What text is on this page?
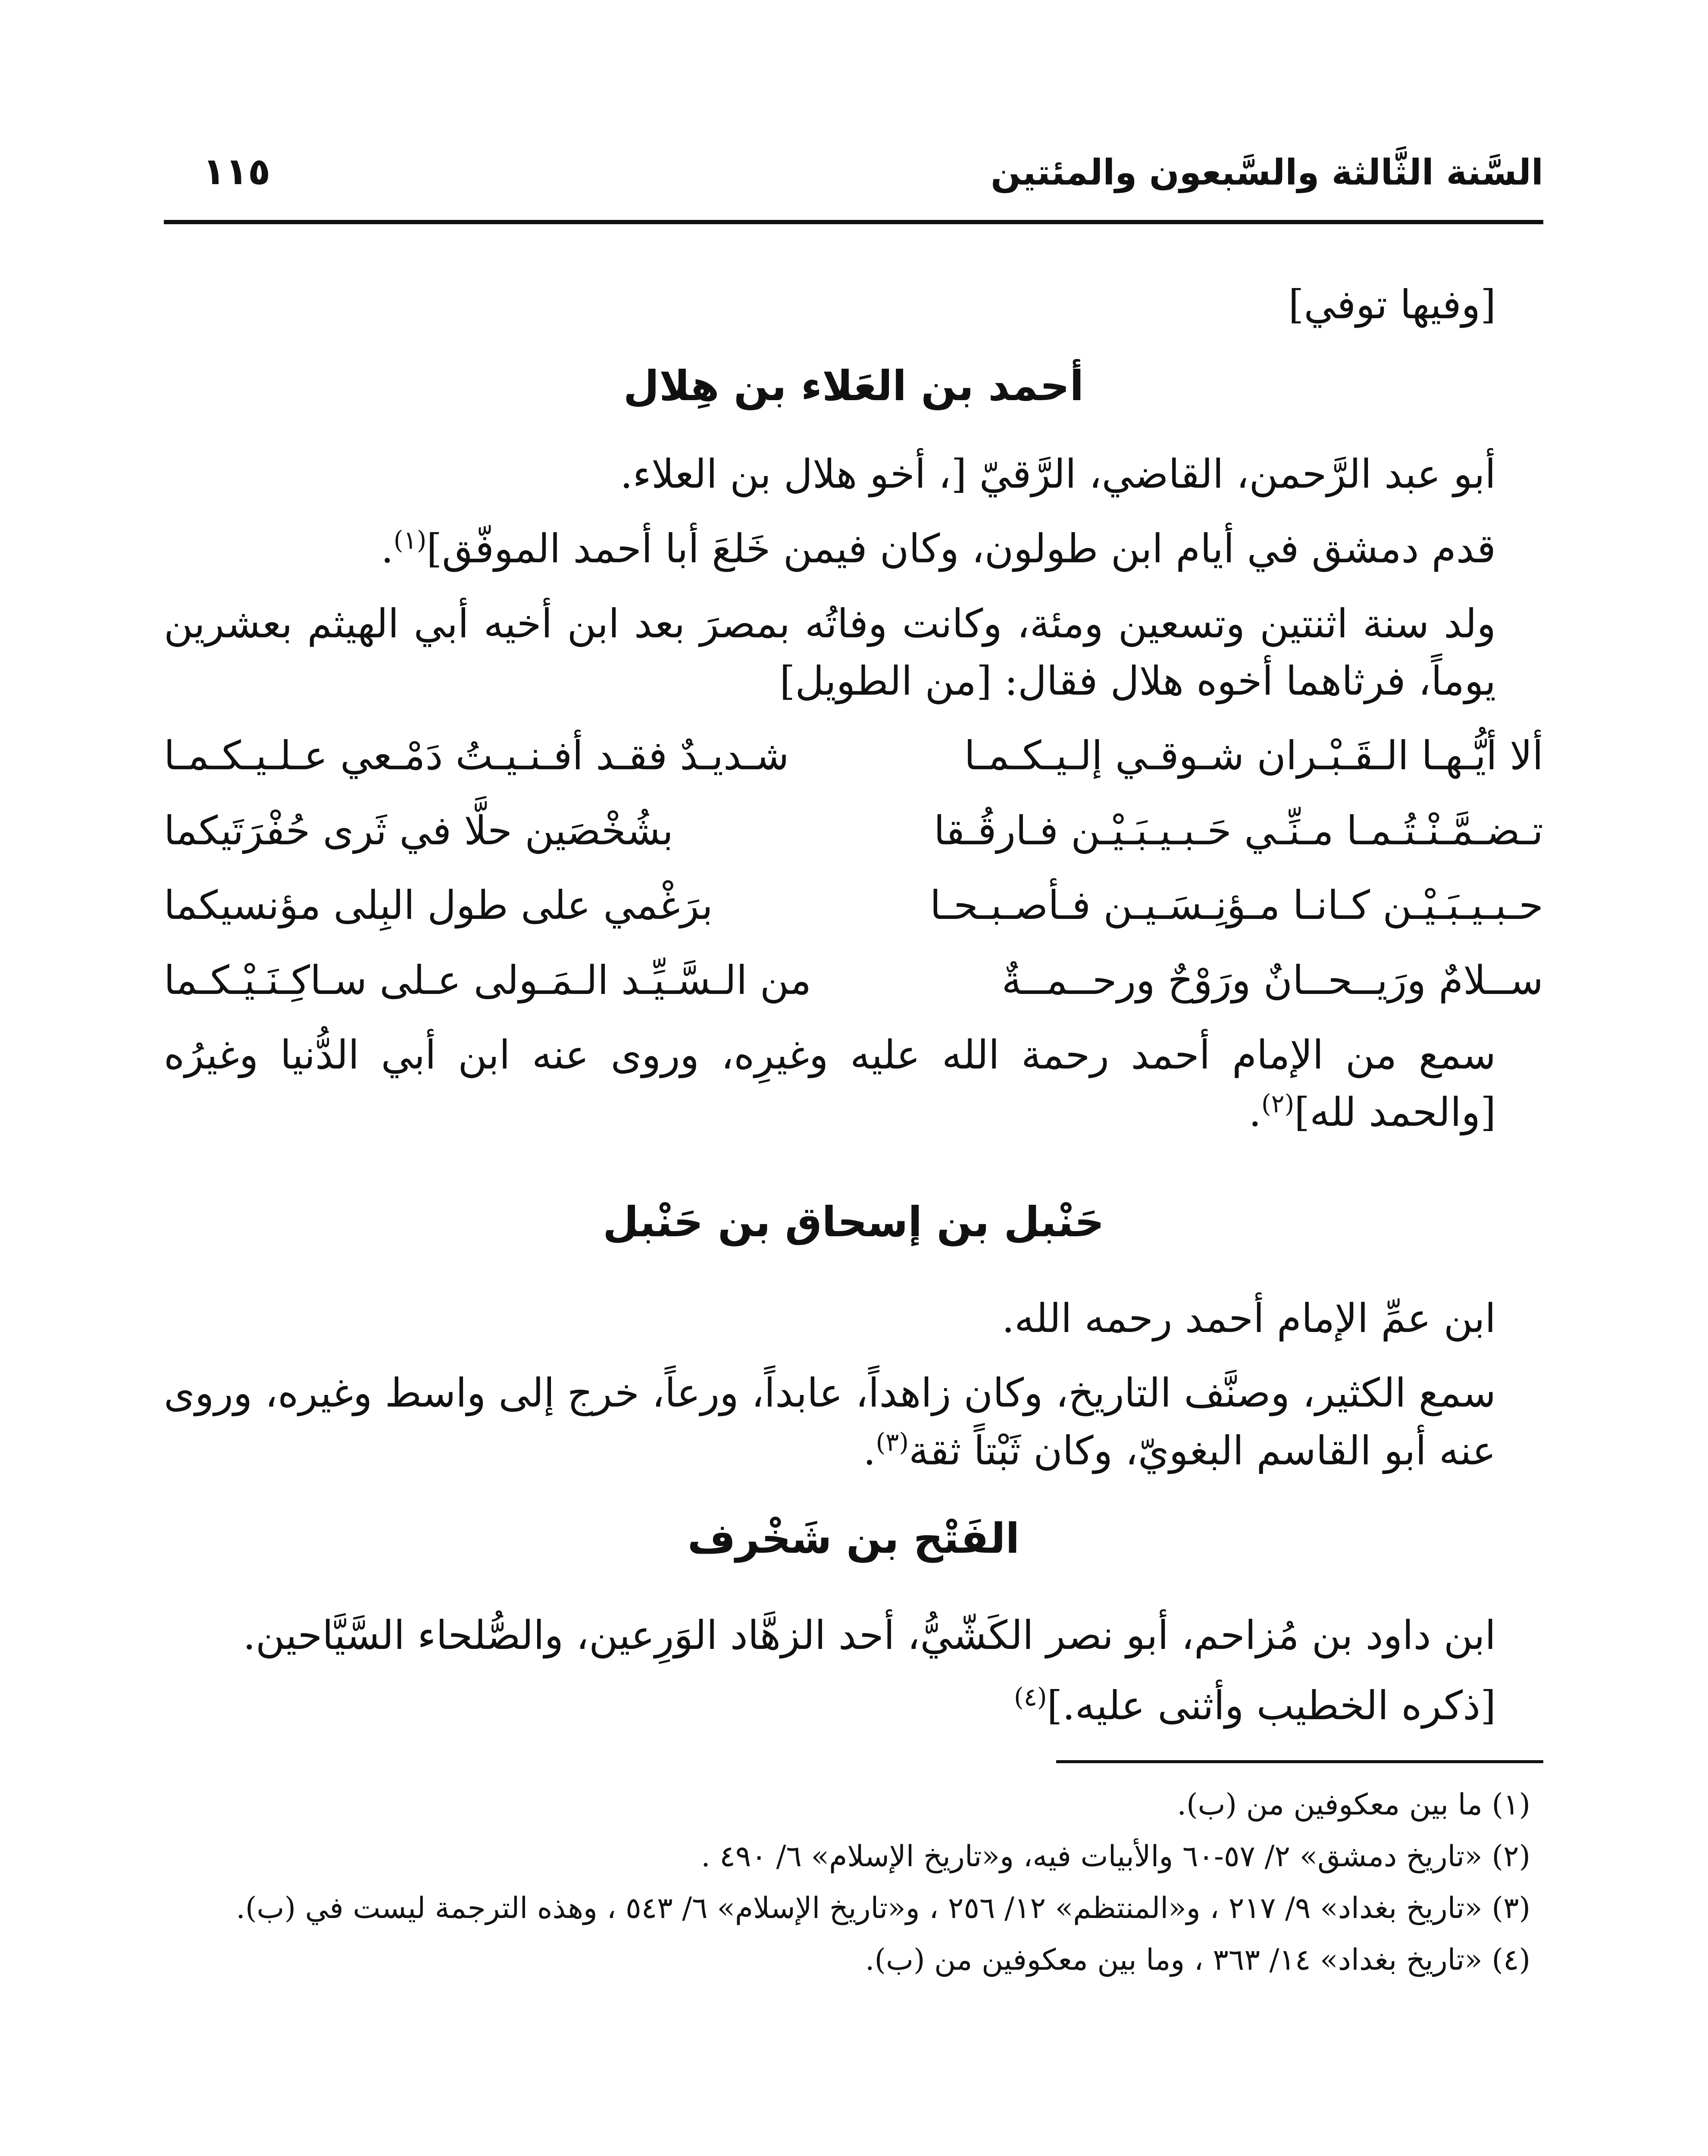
السَّنة الثَّالثة والسَّبعون والمئتين
١١٥

[وفيها توفي]

أحمد بن العَلاء بن هِلال

أبو عبد الرَّحمن، القاضي، الرَّقيّ [، أخو هلال بن العلاء.

قدم دمشق في أيام ابن طولون، وكان فيمن خَلعَ أبا أحمد الموفّق]$^{(١)}$.

ولد سنة اثنتين وتسعين ومئة، وكانت وفاتُه بمصرَ بعد ابن أخيه أبي الهيثم بعشرين يوماً، فرثاهما أخوه هلال فقال: [من الطويل]

ألا أيُّـهـا الـقَـبْـران شـوقـي إلـيـكـمـا
شـديـدٌ فقـد أفـنـيـتُ دَمْـعي عـلـيـكـمـا
تـضـمَّـنْـتُـمـا مـنِّـي حَـبـيـبَـيْـن فـارقُـقا
بشُخْصَين حلَّا في ثَرى حُفْرَتَيكما
حـبـيـبَـيْـن كـانـا مـؤنِـسَـيـن فـأصـبـحـا
برَغْمي على طول البِلى مؤنسيكما
ســلامٌ ورَيــحــانٌ ورَوْحٌ ورحــمــةٌ
من الـسَّـيِّـد الـمَـولى عـلى سـاكِـنَـيْـكـما

سمع من الإمام أحمد رحمة الله عليه وغيرِه، وروى عنه ابن أبي الدُّنيا وغيرُه [والحمد لله]$^{(٢)}$.

حَنْبل بن إسحاق بن حَنْبل

ابن عمِّ الإمام أحمد رحمه الله.

سمع الكثير، وصنَّف التاريخ، وكان زاهداً، عابداً، ورعاً، خرج إلى واسط وغيره، وروى عنه أبو القاسم البغويّ، وكان ثَبْتاً ثقة$^{(٣)}$.

الفَتْح بن شَخْرف

ابن داود بن مُزاحم، أبو نصر الكَشّيُّ، أحد الزهَّاد الوَرِعين، والصُّلحاء السَّيَّاحين.

[ذكره الخطيب وأثنى عليه.]$^{(٤)}$

(١) ما بين معكوفين من (ب).

(٢) «تاريخ دمشق» ٢/ ٥٧-٦٠ والأبيات فيه، و«تاريخ الإسلام» ٦/ ٤٩٠ .

(٣) «تاريخ بغداد» ٩/ ٢١٧ ، و«المنتظم» ١٢/ ٢٥٦ ، و«تاريخ الإسلام» ٦/ ٥٤٣ ، وهذه الترجمة ليست في (ب).

(٤) «تاريخ بغداد» ١٤/ ٣٦٣ ، وما بين معكوفين من (ب).
